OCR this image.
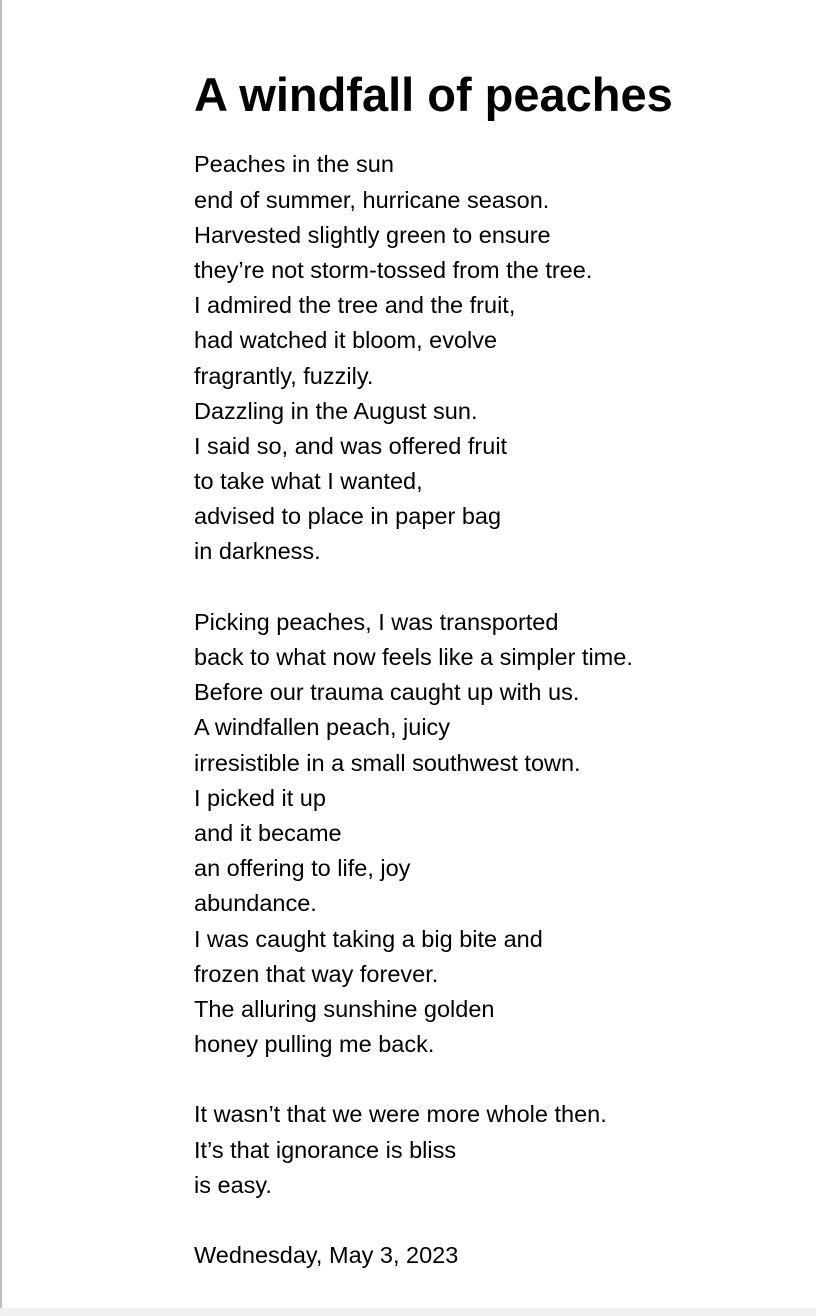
A windfall of peaches
Peaches in the sun
end of summer, hurricane season.
Harvested slightly green to ensure
they’re not storm-tossed from the tree.
I admired the tree and the fruit,
had watched it bloom, evolve
fragrantly, fuzzily.
Dazzling in the August sun.
I said so, and was offered fruit
to take what I wanted,
advised to place in paper bag
in darkness.
Picking peaches, I was transported
back to what now feels like a simpler time.
Before our trauma caught up with us.
A windfallen peach, juicy
irresistible in a small southwest town.
I picked it up
and it became
an offering to life, joy
abundance.
I was caught taking a big bite and
frozen that way forever.
The alluring sunshine golden
honey pulling me back.
It wasn’t that we were more whole then.
It’s that ignorance is bliss
is easy.
Wednesday, May 3, 2023
